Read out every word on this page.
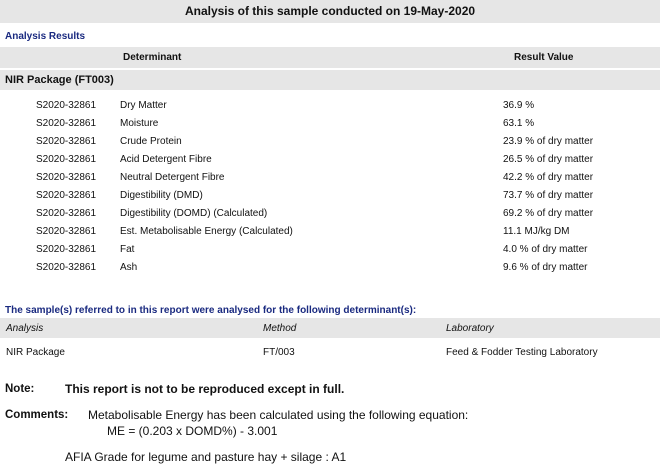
Analysis of this sample conducted on 19-May-2020
Analysis Results
Determinant	Result Value
NIR Package (FT003)
S2020-32861 Dry Matter	36.9 %
S2020-32861 Moisture	63.1 %
S2020-32861 Crude Protein	23.9 % of dry matter
S2020-32861 Acid Detergent Fibre	26.5 % of dry matter
S2020-32861 Neutral Detergent Fibre	42.2 % of dry matter
S2020-32861 Digestibility (DMD)	73.7 % of dry matter
S2020-32861 Digestibility (DOMD) (Calculated)	69.2 % of dry matter
S2020-32861 Est. Metabolisable Energy (Calculated)	11.1 MJ/kg DM
S2020-32861 Fat	4.0 % of dry matter
S2020-32861 Ash	9.6 % of dry matter
The sample(s) referred to in this report were analysed for the following determinant(s):
Analysis	Method	Laboratory
NIR Package	FT/003	Feed & Fodder Testing Laboratory
Note:	This report is not to be reproduced except in full.
Comments: Metabolisable Energy has been calculated using the following equation:
ME = (0.203 x DOMD%) - 3.001
AFIA Grade for legume and pasture hay + silage : A1
